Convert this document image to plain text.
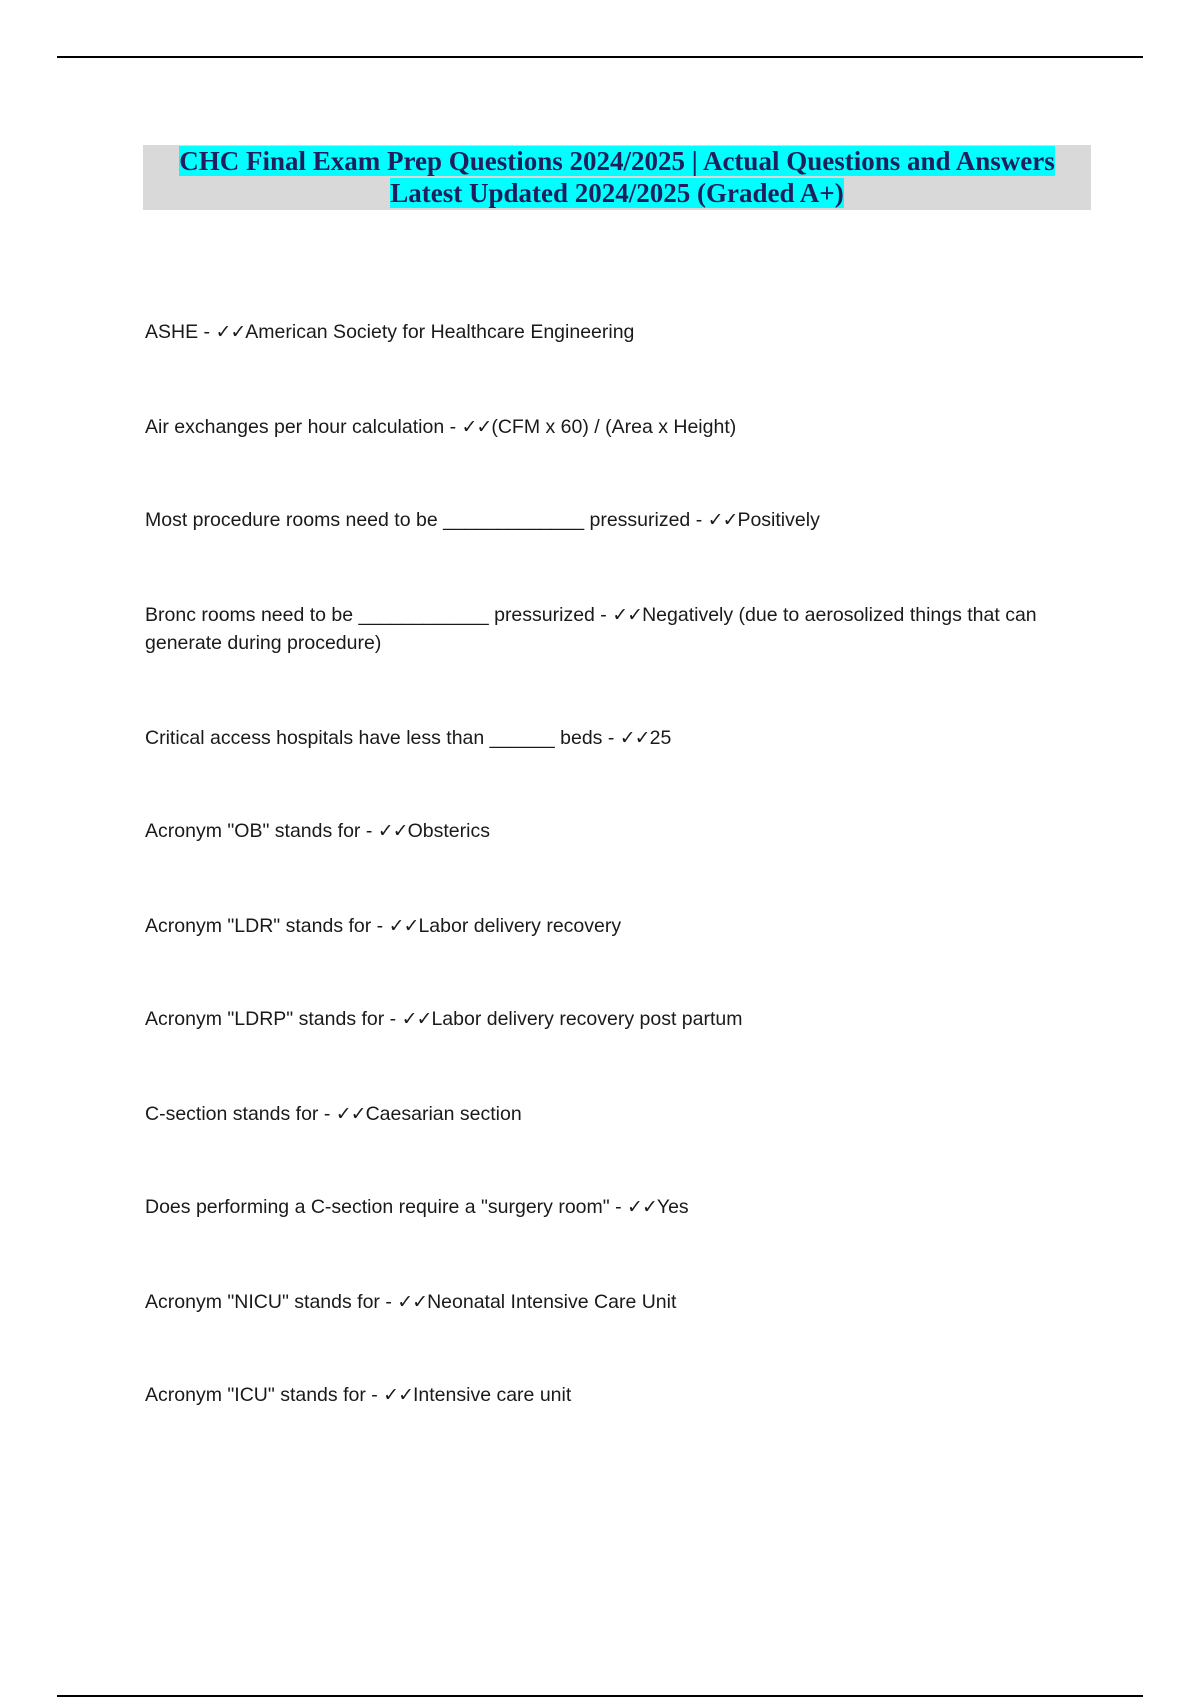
CHC Final Exam Prep Questions 2024/2025 | Actual Questions and Answers
Latest Updated 2024/2025 (Graded A+)
ASHE - ✓✓American Society for Healthcare Engineering
Air exchanges per hour calculation - ✓✓(CFM x 60) / (Area x Height)
Most procedure rooms need to be _____________ pressurized - ✓✓Positively
Bronc rooms need to be ____________ pressurized - ✓✓Negatively (due to aerosolized things that can generate during procedure)
Critical access hospitals have less than ______ beds - ✓✓25
Acronym "OB" stands for - ✓✓Obsterics
Acronym "LDR" stands for - ✓✓Labor delivery recovery
Acronym "LDRP" stands for - ✓✓Labor delivery recovery post partum
C-section stands for - ✓✓Caesarian section
Does performing a C-section require a "surgery room" - ✓✓Yes
Acronym "NICU" stands for - ✓✓Neonatal Intensive Care Unit
Acronym "ICU" stands for - ✓✓Intensive care unit
